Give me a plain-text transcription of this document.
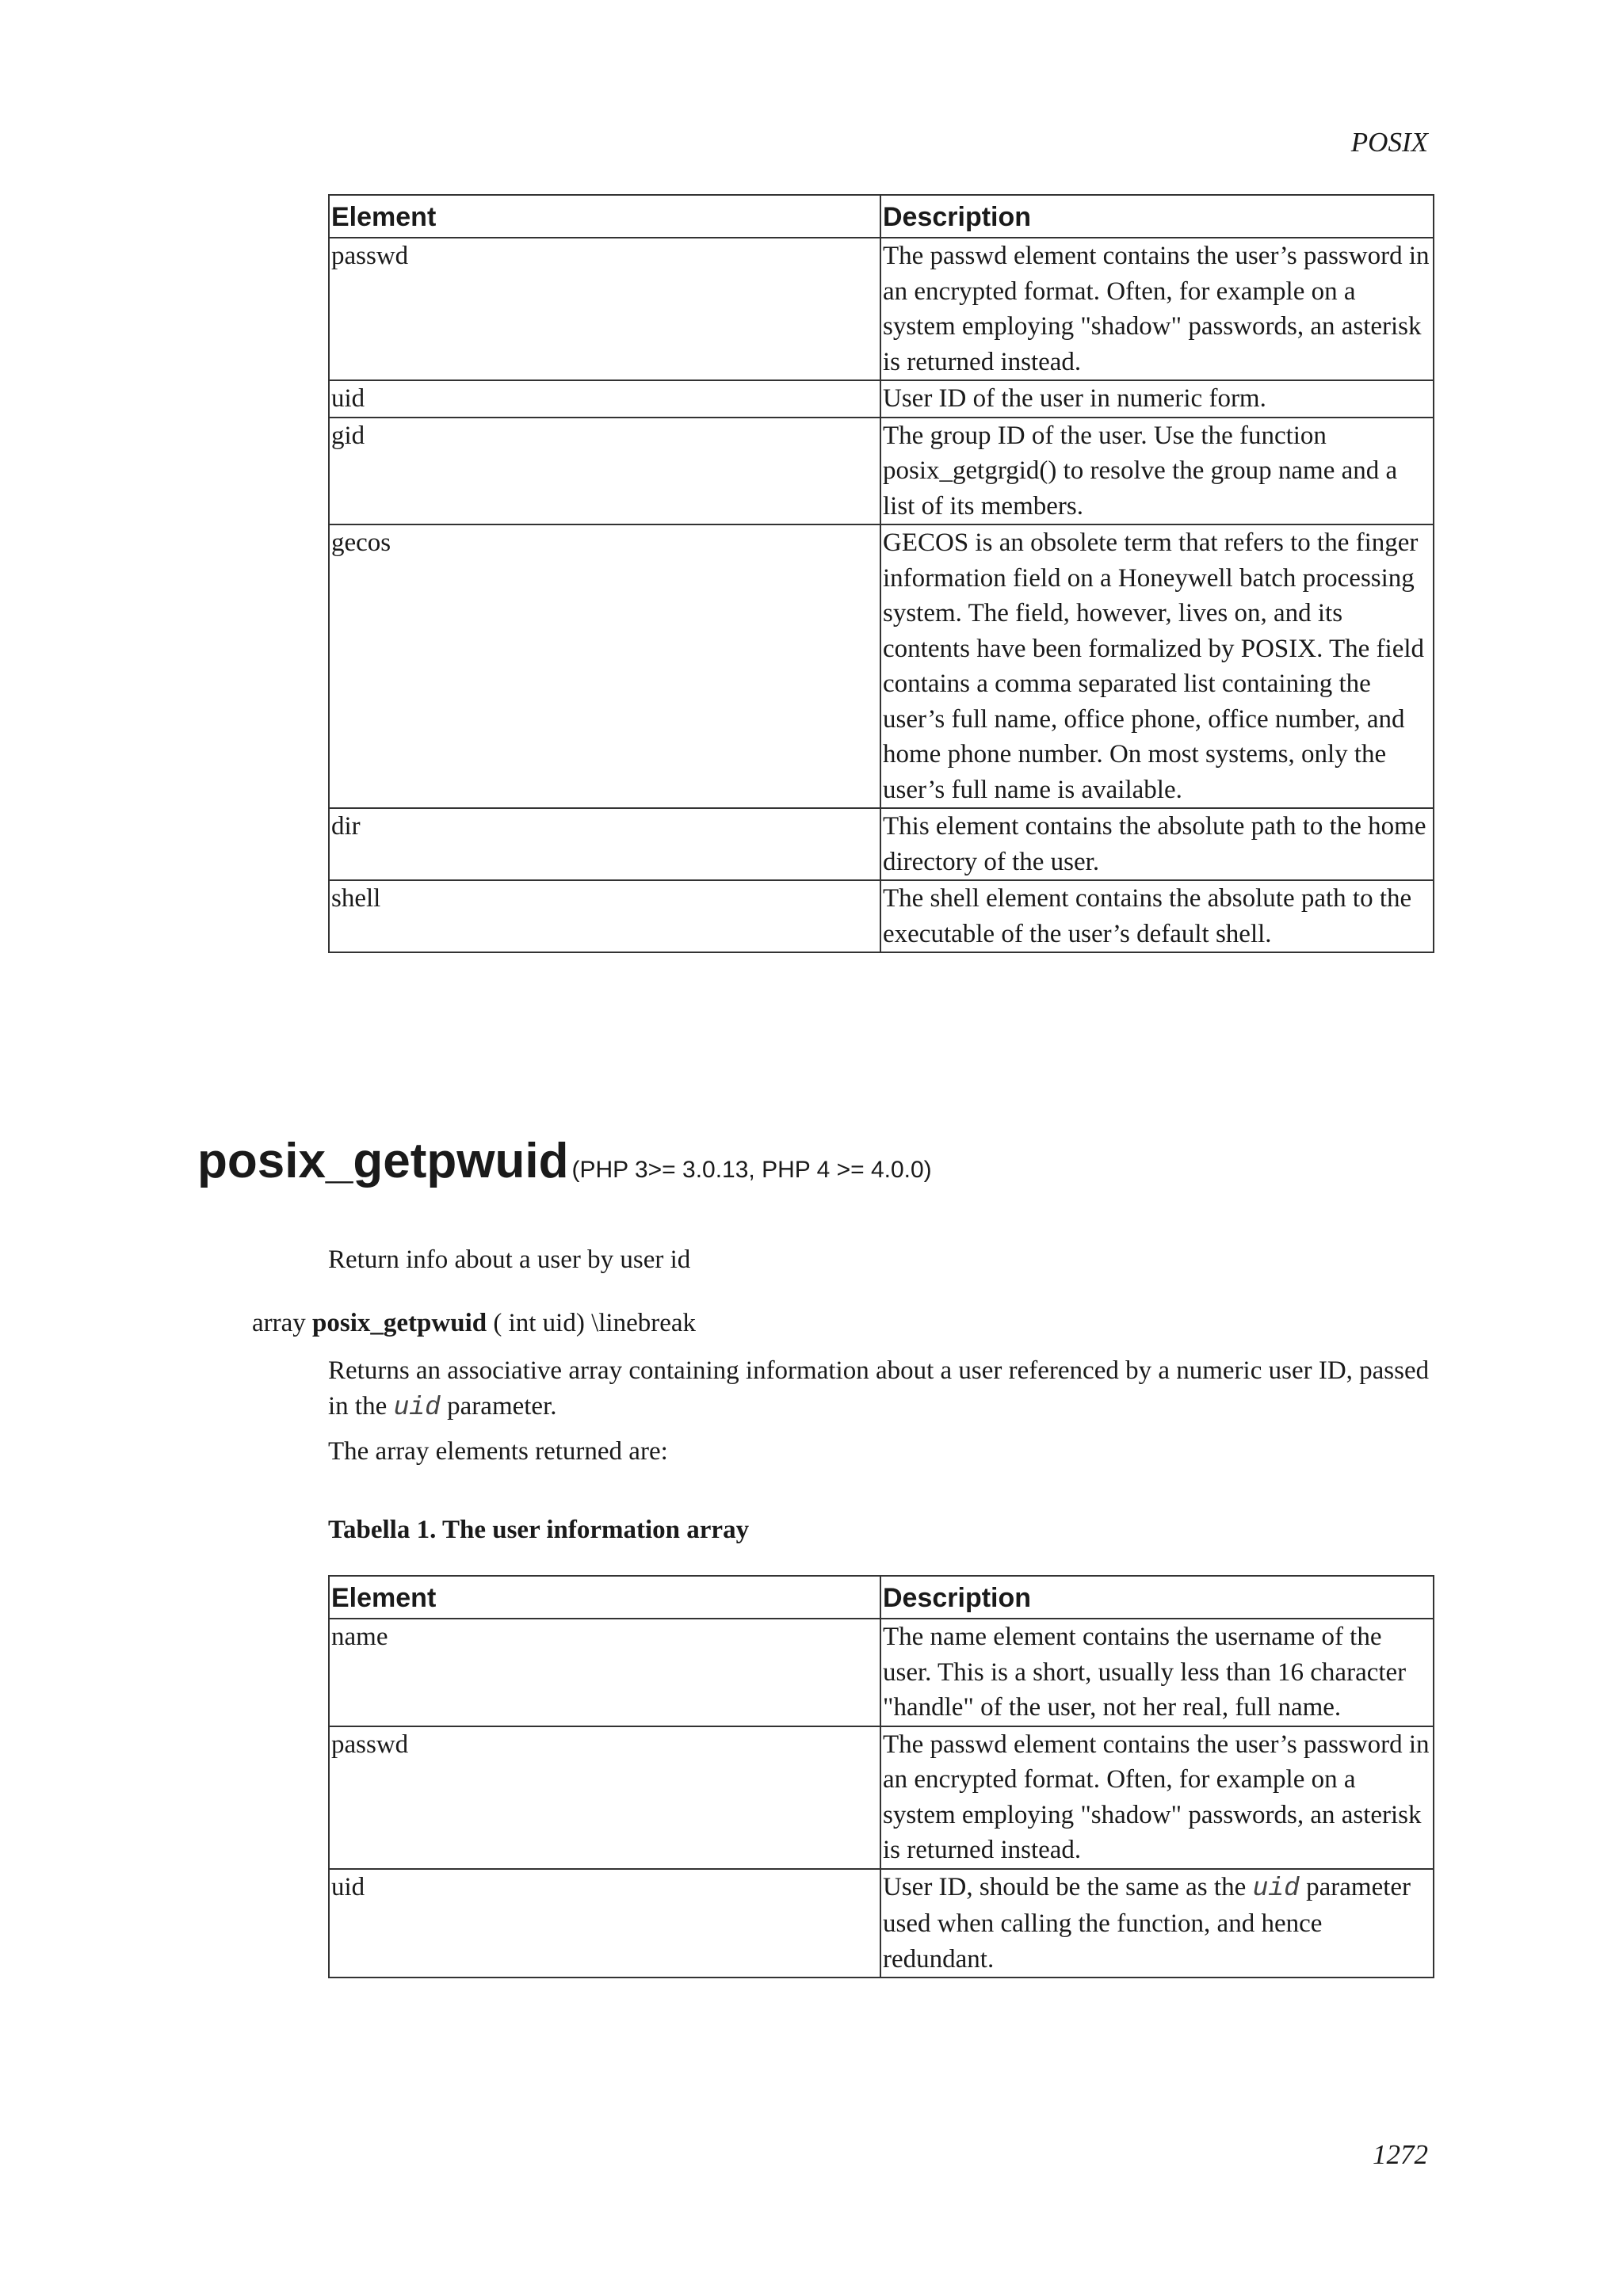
POSIX
Element	Description
passwd	The passwd element contains the user’s password in an encrypted format. Often, for example on a system employing "shadow" passwords, an asterisk is returned instead.
uid	User ID of the user in numeric form.
gid	The group ID of the user. Use the function posix_getgrgid() to resolve the group name and a list of its members.
gecos	GECOS is an obsolete term that refers to the finger information field on a Honeywell batch processing system. The field, however, lives on, and its contents have been formalized by POSIX. The field contains a comma separated list containing the user’s full name, office phone, office number, and home phone number. On most systems, only the user’s full name is available.
dir	This element contains the absolute path to the home directory of the user.
shell	The shell element contains the absolute path to the executable of the user’s default shell.
posix_getpwuid (PHP 3>= 3.0.13, PHP 4 >= 4.0.0)
Return info about a user by user id
array posix_getpwuid ( int uid) \linebreak
Returns an associative array containing information about a user referenced by a numeric user ID, passed in the uid parameter.
The array elements returned are:
Tabella 1. The user information array
Element	Description
name	The name element contains the username of the user. This is a short, usually less than 16 character "handle" of the user, not her real, full name.
passwd	The passwd element contains the user’s password in an encrypted format. Often, for example on a system employing "shadow" passwords, an asterisk is returned instead.
uid	User ID, should be the same as the uid parameter used when calling the function, and hence redundant.
1272
